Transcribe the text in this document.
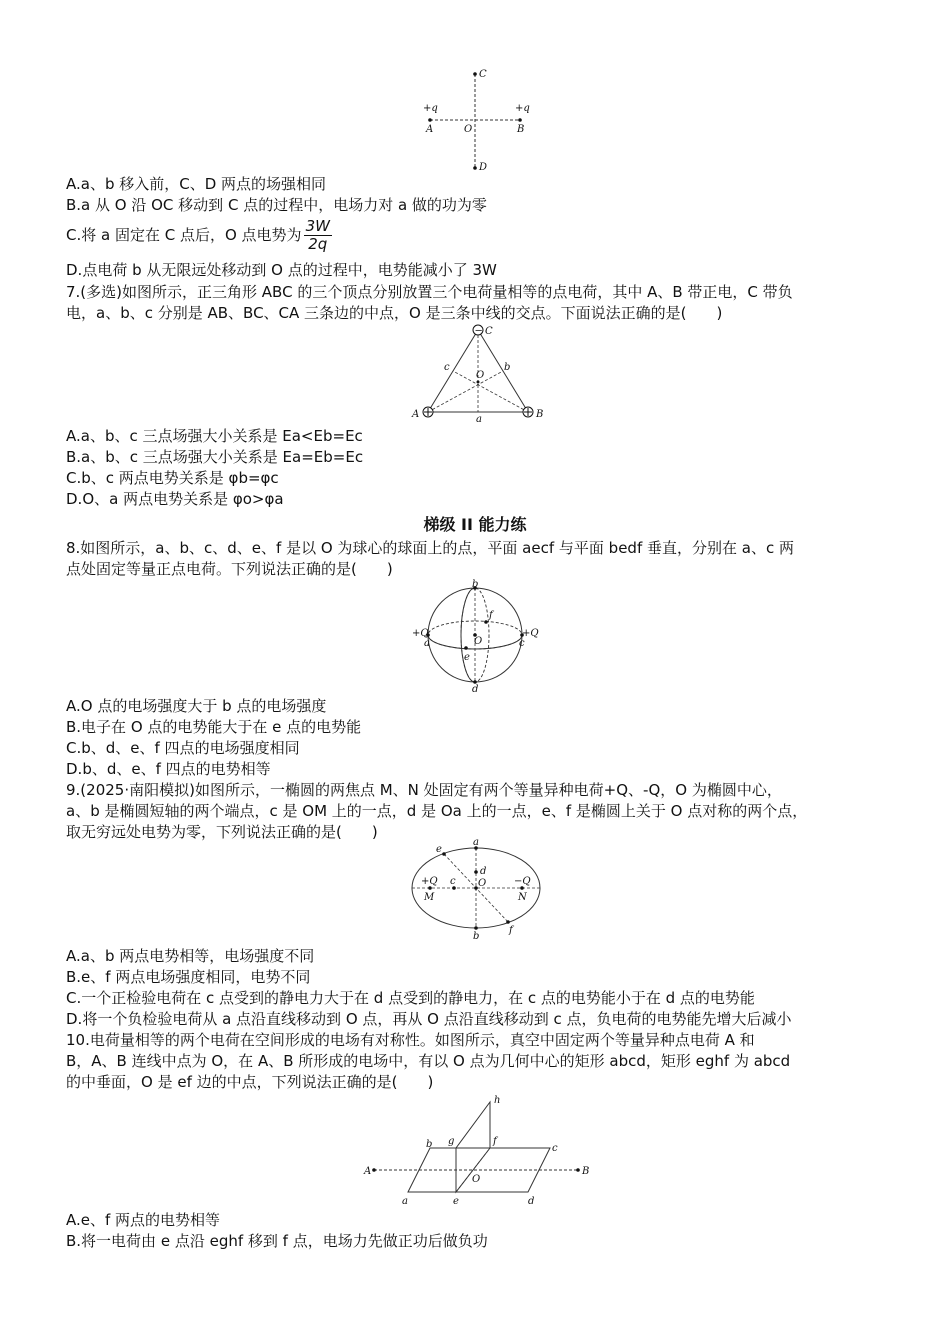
C
D
+q	+q
A	B
O
A.a、b 移入前，C、D 两点的场强相同
B.a 从 O 沿 OC 移动到 C 点的过程中，电场力对 a 做的功为零
C.将 a 固定在 C 点后，O 点电势为 $\frac{3W}{2q}$
D.点电荷 b 从无限远处移动到 O 点的过程中，电势能减小了 3W
7.(多选)如图所示，正三角形 ABC 的三个顶点分别放置三个电荷量相等的点电荷，其中 A、B 带正电，C 带负
电，a、b、c 分别是 AB、BC、CA 三条边的中点，O 是三条中线的交点。下面说法正确的是(　　)
− C
A	B
a
b
c
O
A.a、b、c 三点场强大小关系是 Ea<Eb=Ec
B.a、b、c 三点场强大小关系是 Ea=Eb=Ec
C.b、c 两点电势关系是 φb=φc
D.O、a 两点电势关系是 φo>φa
梯级 II 能力练
8.如图所示，a、b、c、d、e、f 是以 O 为球心的球面上的点，平面 aecf 与平面 bedf 垂直，分别在 a、c 两
点处固定等量正点电荷。下列说法正确的是(　　)
b
d
+Q	+Q
a	c
O
e
f
A.O 点的电场强度大于 b 点的电场强度
B.电子在 O 点的电势能大于在 e 点的电势能
C.b、d、e、f 四点的电场强度相同
D.b、d、e、f 四点的电势相等
9.(2025·南阳模拟)如图所示，一椭圆的两焦点 M、N 处固定有两个等量异种电荷+Q、-Q，O 为椭圆中心，
a、b 是椭圆短轴的两个端点，c 是 OM 上的一点，d 是 Oa 上的一点，e、f 是椭圆上关于 O 点对称的两个点，
取无穷远处电势为零，下列说法正确的是(　　)
a
b
e
f
+Q	−Q
M	N
c
d
O
A.a、b 两点电势相等，电场强度不同
B.e、f 两点电场强度相同，电势不同
C.一个正检验电荷在 c 点受到的静电力大于在 d 点受到的静电力，在 c 点的电势能小于在 d 点的电势能
D.将一个负检验电荷从 a 点沿直线移动到 O 点，再从 O 点沿直线移动到 c 点，负电荷的电势能先增大后减小
10.电荷量相等的两个电荷在空间形成的电场有对称性。如图所示，真空中固定两个等量异种点电荷 A 和
B，A、B 连线中点为 O，在 A、B 所形成的电场中，有以 O 点为几何中心的矩形 abcd，矩形 eghf 为 abcd
的中垂面，O 是 ef 边的中点，下列说法正确的是(　　)
A	B
a
b	c
d
e
f
g
h
O
A.e、f 两点的电势相等
B.将一电荷由 e 点沿 eghf 移到 f 点，电场力先做正功后做负功
